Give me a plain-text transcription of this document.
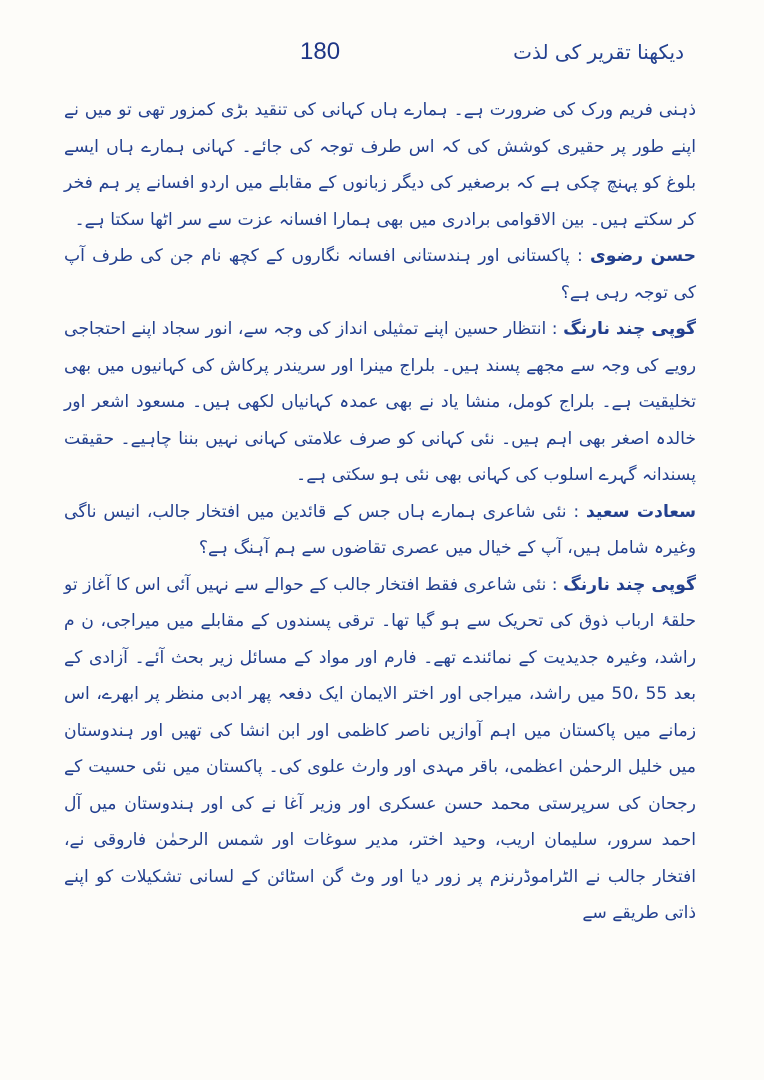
180	دیکھنا تقریر کی لذت

ذہنی فریم ورک کی ضرورت ہے۔ ہمارے ہاں کہانی کی تنقید بڑی کمزور تھی تو میں نے اپنے طور پر حقیری کوشش کی کہ اس طرف توجہ کی جائے۔ کہانی ہمارے ہاں ایسے بلوغ کو پہنچ چکی ہے کہ برصغیر کی دیگر زبانوں کے مقابلے میں اردو افسانے پر ہم فخر کر سکتے ہیں۔ بین الاقوامی برادری میں بھی ہمارا افسانہ عزت سے سر اٹھا سکتا ہے۔

حسن رضوی : پاکستانی اور ہندستانی افسانہ نگاروں کے کچھ نام جن کی طرف آپ کی توجہ رہی ہے؟

گوپی چند نارنگ : انتظار حسین اپنے تمثیلی انداز کی وجہ سے، انور سجاد اپنے احتجاجی رویے کی وجہ سے مجھے پسند ہیں۔ بلراج مینرا اور سریندر پرکاش کی کہانیوں میں بھی تخلیقیت ہے۔ بلراج کومل، منشا یاد نے بھی عمدہ کہانیاں لکھی ہیں۔ مسعود اشعر اور خالدہ اصغر بھی اہم ہیں۔ نئی کہانی کو صرف علامتی کہانی نہیں بننا چاہیے۔ حقیقت پسندانہ گہرے اسلوب کی کہانی بھی نئی ہو سکتی ہے۔

سعادت سعید : نئی شاعری ہمارے ہاں جس کے قائدین میں افتخار جالب، انیس ناگی وغیرہ شامل ہیں، آپ کے خیال میں عصری تقاضوں سے ہم آہنگ ہے؟

گوپی چند نارنگ : نئی شاعری فقط افتخار جالب کے حوالے سے نہیں آئی اس کا آغاز تو حلقۂ ارباب ذوق کی تحریک سے ہو گیا تھا۔ ترقی پسندوں کے مقابلے میں میراجی، ن م راشد، وغیرہ جدیدیت کے نمائندے تھے۔ فارم اور مواد کے مسائل زیر بحث آئے۔ آزادی کے بعد 55 ،50 میں راشد، میراجی اور اختر الایمان ایک دفعہ پھر ادبی منظر پر ابھرے، اس زمانے میں پاکستان میں اہم آوازیں ناصر کاظمی اور ابن انشا کی تھیں اور ہندوستان میں خلیل الرحمٰن اعظمی، باقر مہدی اور وارث علوی کی۔ پاکستان میں نئی حسیت کے رجحان کی سرپرستی محمد حسن عسکری اور وزیر آغا نے کی اور ہندوستان میں آل احمد سرور، سلیمان اریب، وحید اختر، مدیر سوغات اور شمس الرحمٰن فاروقی نے، افتخار جالب نے الٹراموڈرنزم پر زور دیا اور وٹ گن اسٹائن کے لسانی تشکیلات کو اپنے ذاتی طریقے سے
